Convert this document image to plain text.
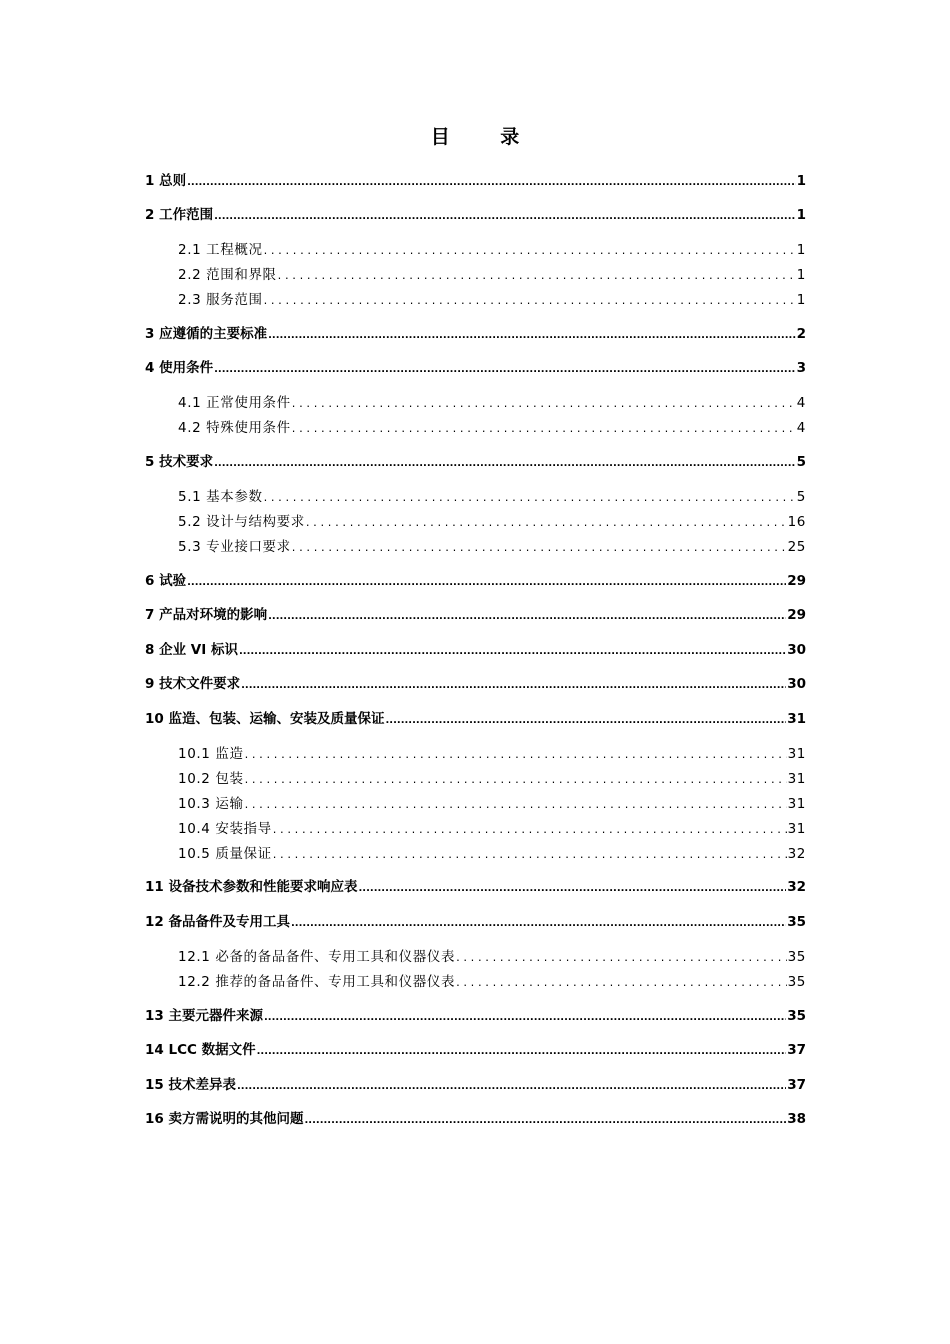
目 录
1 总则 .....	1
2 工作范围 .....	1
2.1 工程概况 . . .	1
2.2 范围和界限 . . .	1
2.3 服务范围 . . .	1
3 应遵循的主要标准 .....	2
4 使用条件 .....	3
4.1 正常使用条件 . . .	4
4.2 特殊使用条件 . . .	4
5 技术要求 .....	5
5.1 基本参数 . . .	5
5.2 设计与结构要求 . . .	16
5.3 专业接口要求 . . .	25
6 试验 .....	29
7 产品对环境的影响 .....	29
8 企业 VI 标识 .....	30
9 技术文件要求 .....	30
10 监造、包装、运输、安装及质量保证 .....	31
10.1 监造 . . .	31
10.2 包装 . . .	31
10.3 运输 . . .	31
10.4 安装指导 . . .	31
10.5 质量保证 . . .	32
11 设备技术参数和性能要求响应表 .....	32
12 备品备件及专用工具 .....	35
12.1 必备的备品备件、专用工具和仪器仪表 . . .	35
12.2 推荐的备品备件、专用工具和仪器仪表 . . .	35
13 主要元器件来源 .....	35
14 LCC 数据文件 .....	37
15 技术差异表 .....	37
16 卖方需说明的其他问题 .....	38
